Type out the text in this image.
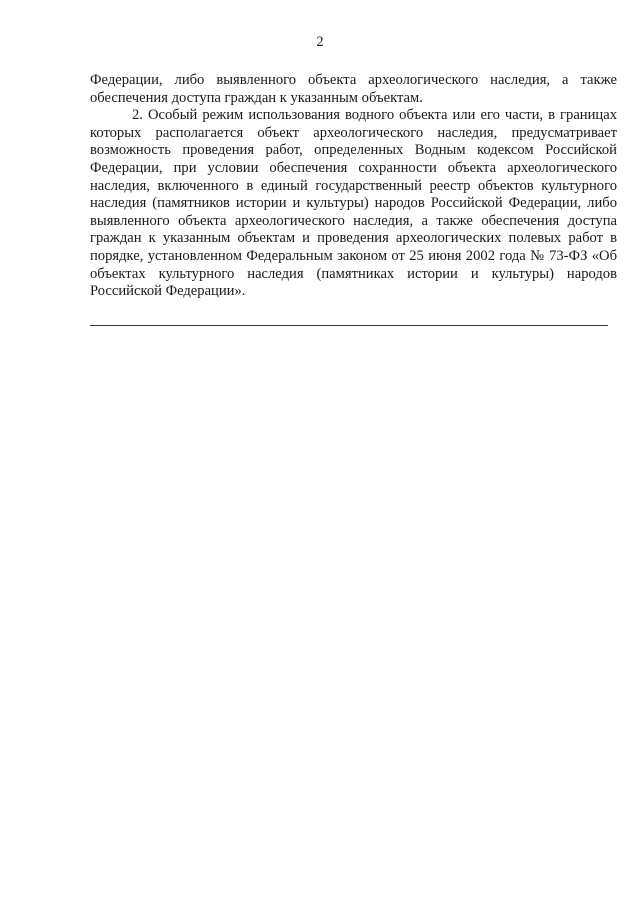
2

Федерации, либо выявленного объекта археологического наследия, а также обеспечения доступа граждан к указанным объектам.

2. Особый режим использования водного объекта или его части, в границах которых располагается объект археологического наследия, предусматривает возможность проведения работ, определенных Водным кодексом Российской Федерации, при условии обеспечения сохранности объекта археологического наследия, включенного в единый государственный реестр объектов культурного наследия (памятников истории и культуры) народов Российской Федерации, либо выявленного объекта археологического наследия, а также обеспечения доступа граждан к указанным объектам и проведения археологических полевых работ в порядке, установленном Федеральным законом от 25 июня 2002 года № 73-ФЗ «Об объектах культурного наследия (памятниках истории и культуры) народов Российской Федерации».
